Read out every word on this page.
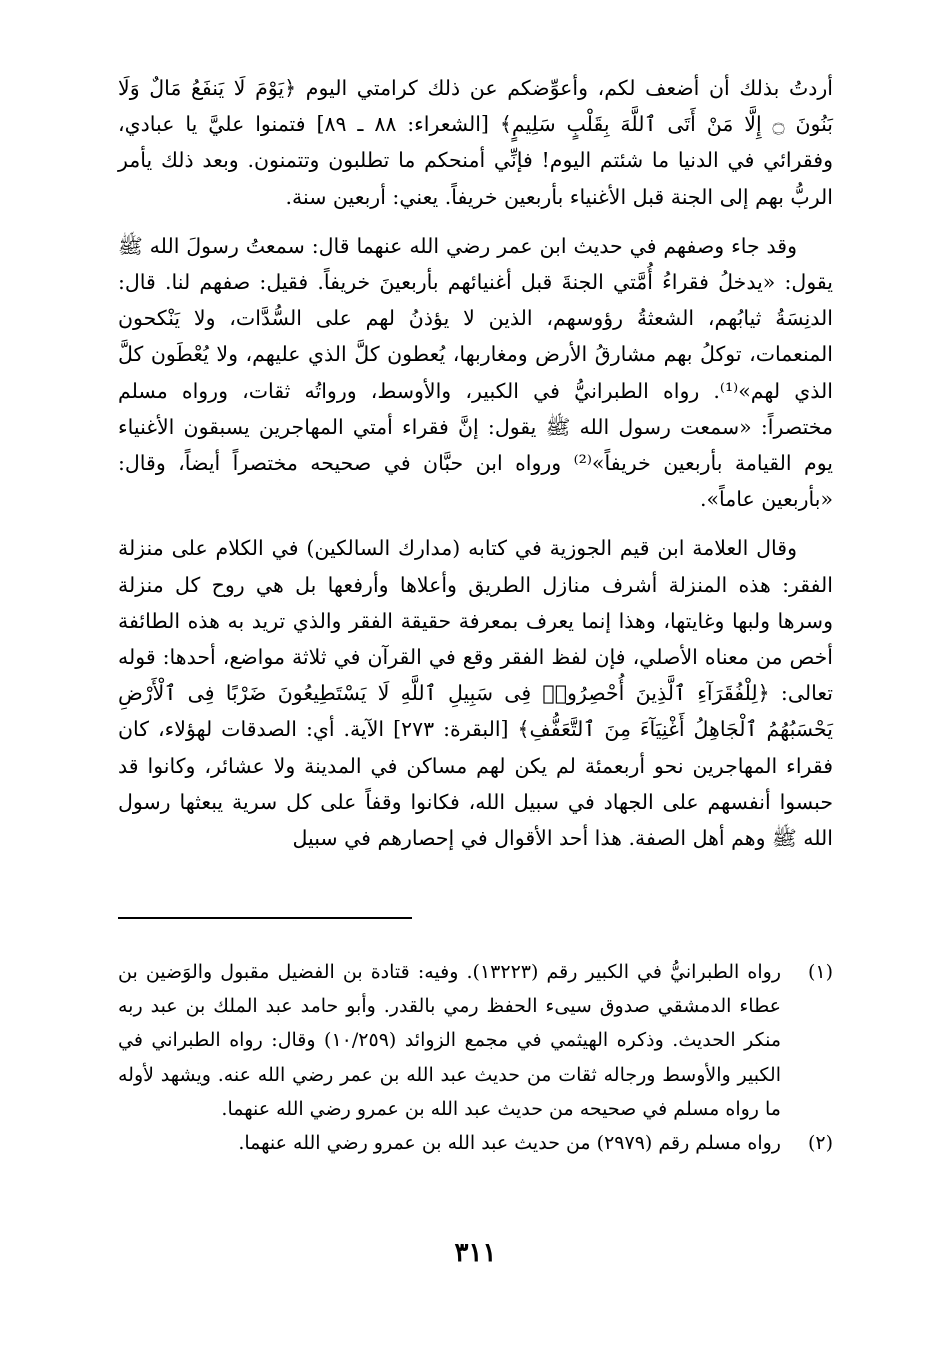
أردتُ بذلك أن أضعف لكم، وأعوِّضكم عن ذلك كرامتي اليوم ﴿يَوْمَ لَا يَنفَعُ مَالٌ وَلَا بَنُونَ ۝ إِلَّا مَنْ أَتَى ٱللَّهَ بِقَلْبٍ سَلِيمٍ﴾ [الشعراء: ٨٨ ـ ٨٩] فتمنوا عليَّ يا عبادي، وفقرائي في الدنيا ما شئتم اليوم! فإنِّي أمنحكم ما تطلبون وتتمنون. وبعد ذلك يأمر الربُّ بهم إلى الجنة قبل الأغنياء بأربعين خريفاً. يعني: أربعين سنة.

وقد جاء وصفهم في حديث ابن عمر رضي الله عنهما قال: سمعتُ رسولَ الله ﷺ يقول: «يدخلُ فقراءُ أُمَّتي الجنةَ قبل أغنيائهم بأربعينَ خريفاً. فقيل: صفهم لنا. قال: الدنِسَةُ ثيابُهم، الشعثةُ رؤوسهم، الذين لا يؤذنُ لهم على السُّدَّات، ولا يَنْكحون المنعمات، توكلُ بهم مشارقُ الأرض ومغاربها، يُعطون كلَّ الذي عليهم، ولا يُعْطَون كلَّ الذي لهم»⁽¹⁾. رواه الطبرانيُّ في الكبير، والأوسط، ورواتُه ثقات، ورواه مسلم مختصراً: «سمعت رسول الله ﷺ يقول: إنَّ فقراء أمتي المهاجرين يسبقون الأغنياء يوم القيامة بأربعين خريفاً»⁽²⁾ ورواه ابن حبَّان في صحيحه مختصراً أيضاً، وقال: «بأربعين عاماً».

وقال العلامة ابن قيم الجوزية في كتابه (مدارك السالكين) في الكلام على منزلة الفقر: هذه المنزلة أشرف منازل الطريق وأعلاها وأرفعها بل هي روح كل منزلة وسرها ولبها وغايتها، وهذا إنما يعرف بمعرفة حقيقة الفقر والذي تريد به هذه الطائفة أخص من معناه الأصلي، فإن لفظ الفقر وقع في القرآن في ثلاثة مواضع، أحدها: قوله تعالى: ﴿لِلْفُقَرَآءِ ٱلَّذِينَ أُحْصِرُوا۟ فِى سَبِيلِ ٱللَّهِ لَا يَسْتَطِيعُونَ ضَرْبًا فِى ٱلْأَرْضِ يَحْسَبُهُمُ ٱلْجَاهِلُ أَغْنِيَآءَ مِنَ ٱلتَّعَفُّفِ﴾ [البقرة: ٢٧٣] الآية. أي: الصدقات لهؤلاء، كان فقراء المهاجرين نحو أربعمئة لم يكن لهم مساكن في المدينة ولا عشائر، وكانوا قد حبسوا أنفسهم على الجهاد في سبيل الله، فكانوا وقفاً على كل سرية يبعثها رسول الله ﷺ وهم أهل الصفة. هذا أحد الأقوال في إحصارهم في سبيل

(١)
رواه الطبرانيُّ في الكبير رقم (١٣٢٢٣). وفيه: قتادة بن الفضيل مقبول والوَضين بن عطاء الدمشقي صدوق سيىء الحفظ رمي بالقدر. وأبو حامد عبد الملك بن عبد ربه منكر الحديث. وذكره الهيثمي في مجمع الزوائد (١٠/٢٥٩) وقال: رواه الطبراني في الكبير والأوسط ورجاله ثقات من حديث عبد الله بن عمر رضي الله عنه. ويشهد لأوله ما رواه مسلم في صحيحه من حديث عبد الله بن عمرو رضي الله عنهما.
(٢)
رواه مسلم رقم (٢٩٧٩) من حديث عبد الله بن عمرو رضي الله عنهما.
٣١١
